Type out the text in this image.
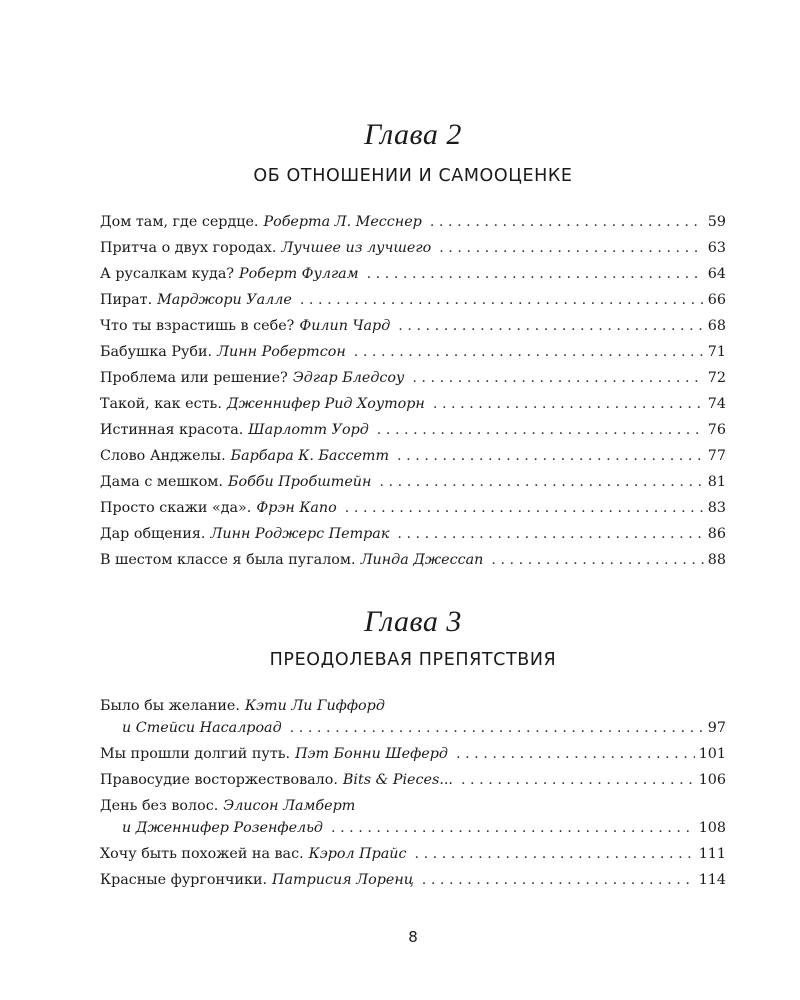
Глава 2
ОБ ОТНОШЕНИИ И САМООЦЕНКЕ
Дом там, где сердце. Роберта Л. Месснер . . .	59
Притча о двух городах. Лучшее из лучшего . . .	63
А русалкам куда? Роберт Фулгам . . .	64
Пират. Марджори Уалле . . .	66
Что ты взрастишь в себе? Филип Чард . . .	68
Бабушка Руби. Линн Робертсон . . .	71
Проблема или решение? Эдгар Бледсоу . . .	72
Такой, как есть. Дженнифер Рид Хоуторн . . .	74
Истинная красота. Шарлотт Уорд . . .	76
Слово Анджелы. Барбара К. Бассетт . . .	77
Дама с мешком. Бобби Пробштейн . . .	81
Просто скажи «да». Фрэн Капо . . .	83
Дар общения. Линн Роджерс Петрак . . .	86
В шестом классе я была пугалом. Линда Джессап . . .	88
Глава 3
ПРЕОДОЛЕВАЯ ПРЕПЯТСТВИЯ
Было бы желание. Кэти Ли Гиффорд
и Стейси Насалроад . . .	97
Мы прошли долгий путь. Пэт Бонни Шеферд . . .	101
Правосудие восторжествовало. Bits & Pieces... . . .	106
День без волос. Элисон Ламберт
и Дженнифер Розенфельд . . .	108
Хочу быть похожей на вас. Кэрол Прайс . . .	111
Красные фургончики. Патрисия Лоренц . . .	114
8
